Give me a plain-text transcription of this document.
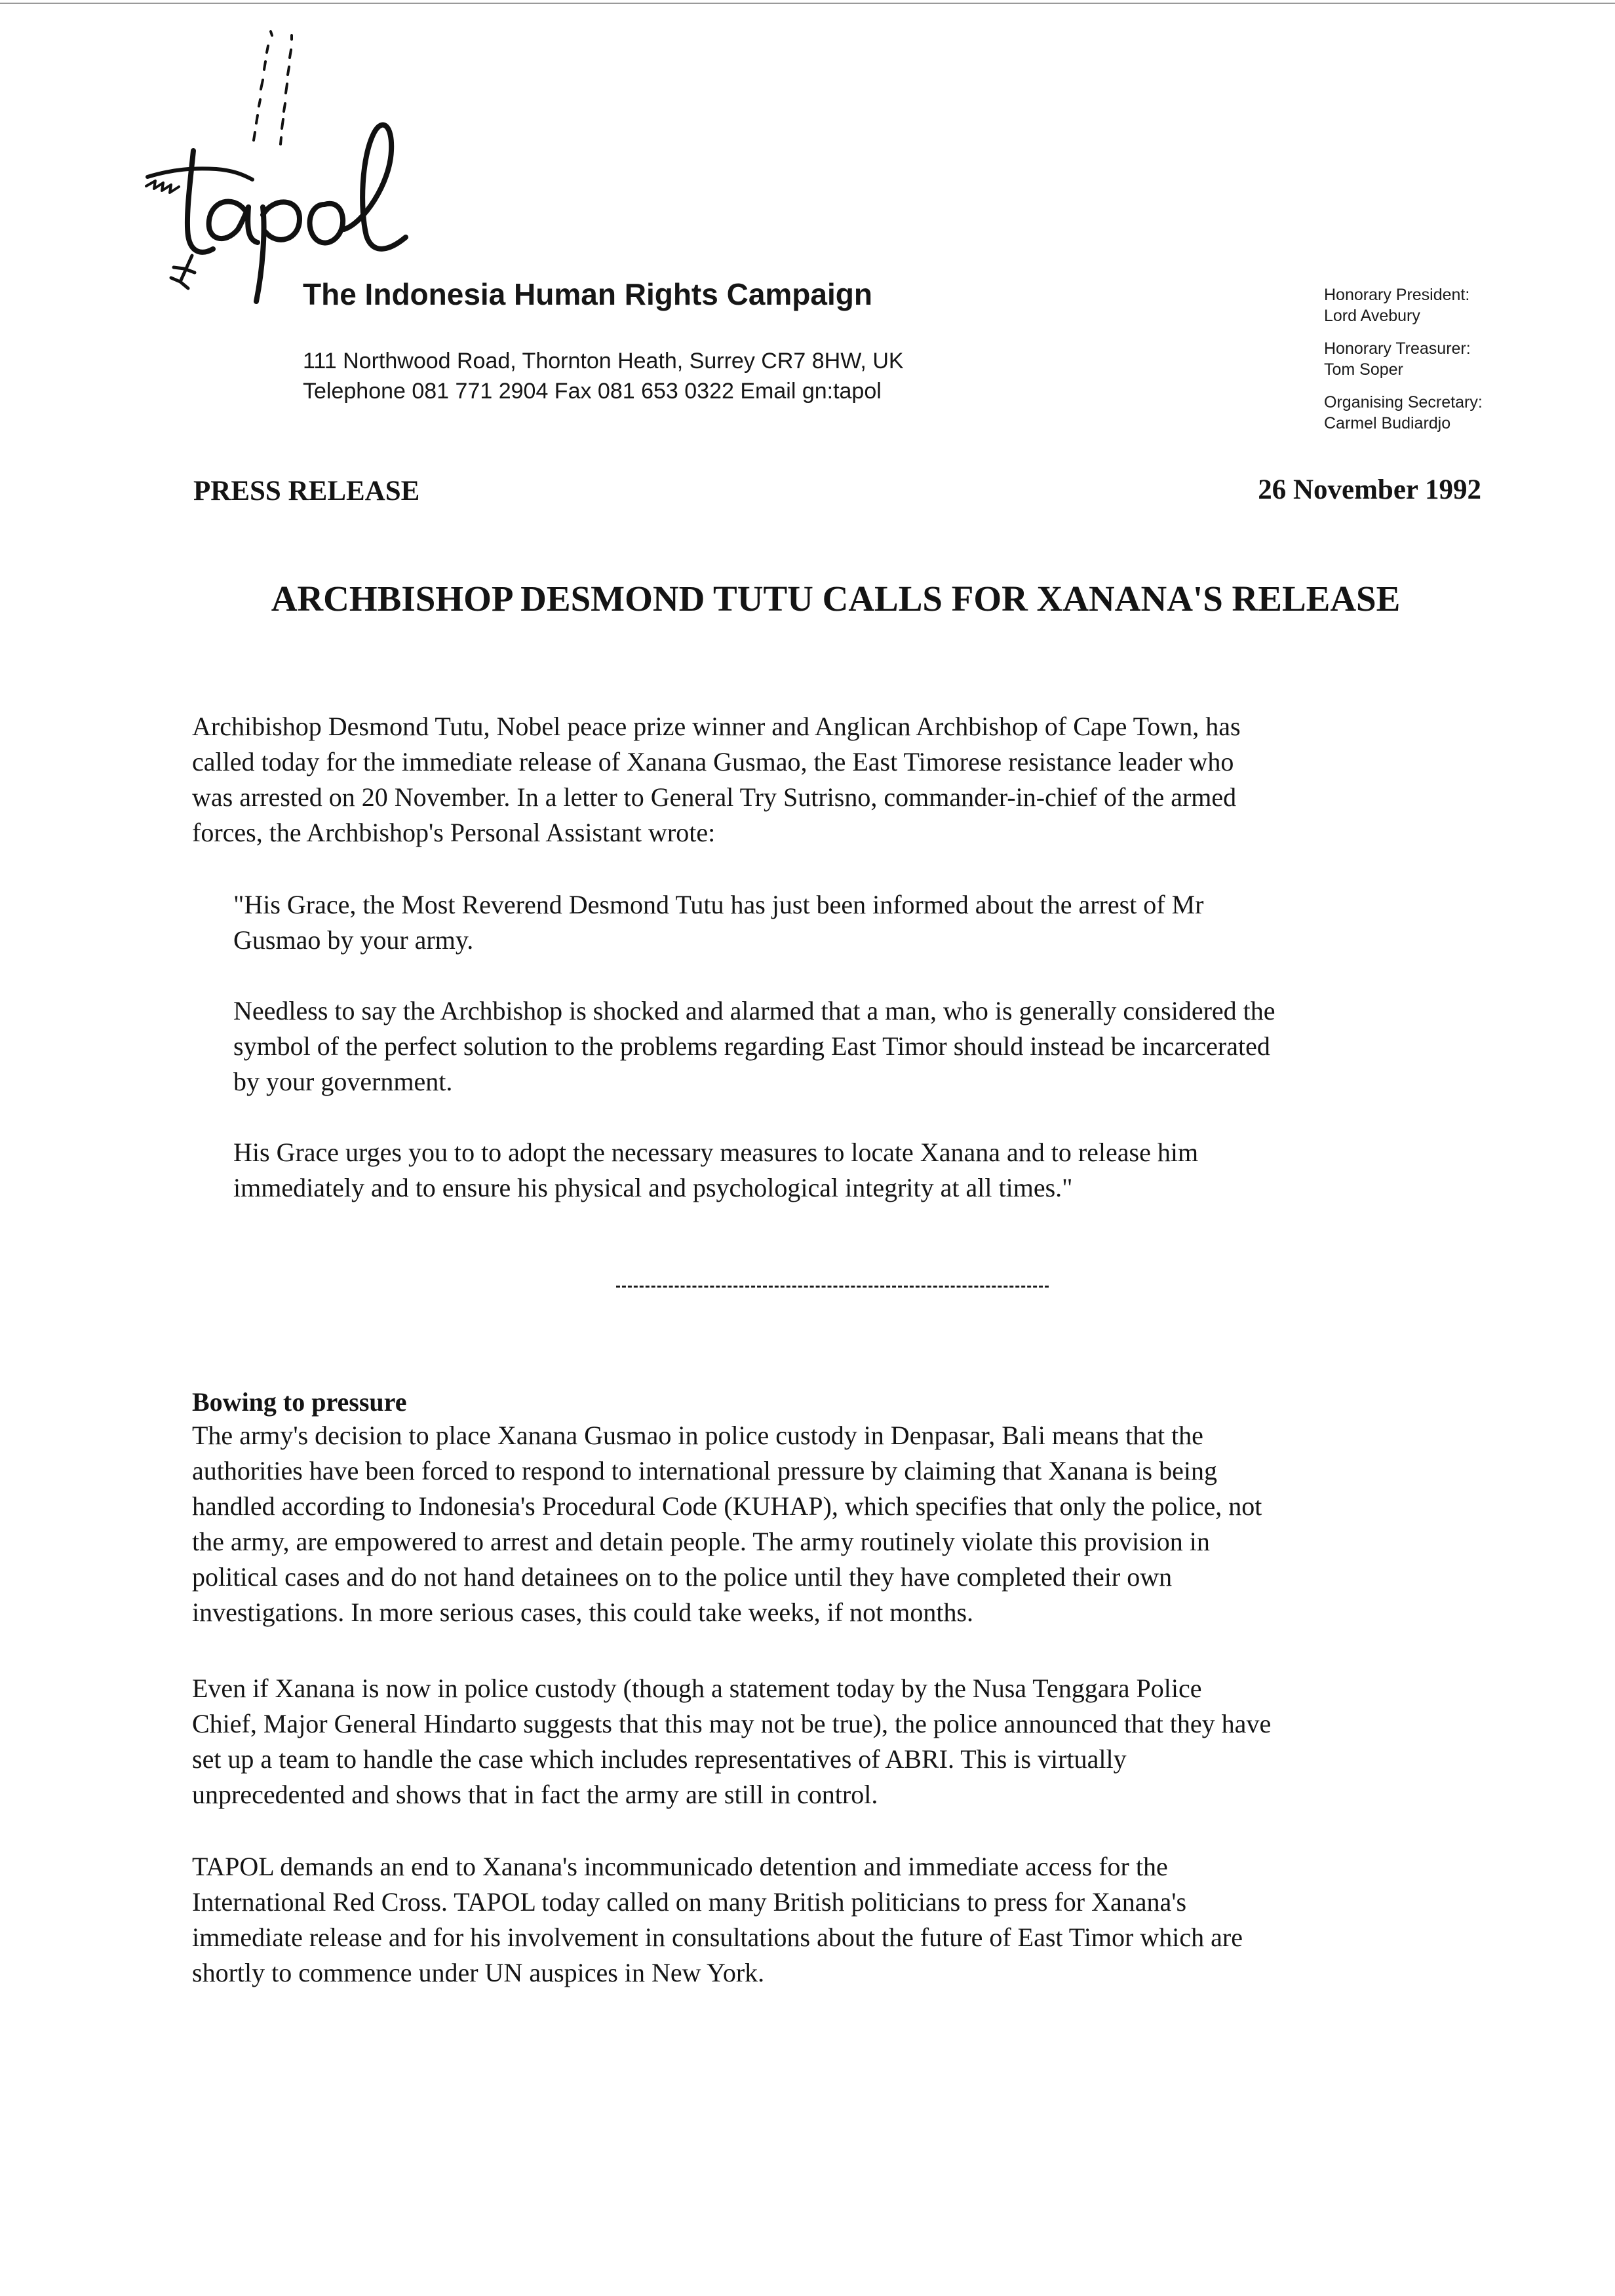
The Indonesia Human Rights Campaign
111 Northwood Road, Thornton Heath, Surrey CR7 8HW, UK
Telephone 081 771 2904 Fax 081 653 0322 Email gn:tapol
Honorary President:
Lord Avebury
Honorary Treasurer:
Tom Soper
Organising Secretary:
Carmel Budiardjo
PRESS RELEASE	26 November 1992
ARCHBISHOP DESMOND TUTU CALLS FOR XANANA'S RELEASE

Archibishop Desmond Tutu, Nobel peace prize winner and Anglican Archbishop of Cape Town, has
called today for the immediate release of Xanana Gusmao, the East Timorese resistance leader who
was arrested on 20 November. In a letter to General Try Sutrisno, commander-in-chief of the armed
forces, the Archbishop's Personal Assistant wrote:

"His Grace, the Most Reverend Desmond Tutu has just been informed about the arrest of Mr
Gusmao by your army.

Needless to say the Archbishop is shocked and alarmed that a man, who is generally considered the
symbol of the perfect solution to the problems regarding East Timor should instead be incarcerated
by your government.

His Grace urges you to to adopt the necessary measures to locate Xanana and to release him
immediately and to ensure his physical and psychological integrity at all times."

Bowing to pressure

The army's decision to place Xanana Gusmao in police custody in Denpasar, Bali means that the
authorities have been forced to respond to international pressure by claiming that Xanana is being
handled according to Indonesia's Procedural Code (KUHAP), which specifies that only the police, not
the army, are empowered to arrest and detain people. The army routinely violate this provision in
political cases and do not hand detainees on to the police until they have completed their own
investigations. In more serious cases, this could take weeks, if not months.

Even if Xanana is now in police custody (though a statement today by the Nusa Tenggara Police
Chief, Major General Hindarto suggests that this may not be true), the police announced that they have
set up a team to handle the case which includes representatives of ABRI. This is virtually
unprecedented and shows that in fact the army are still in control.

TAPOL demands an end to Xanana's incommunicado detention and immediate access for the
International Red Cross. TAPOL today called on many British politicians to press for Xanana's
immediate release and for his involvement in consultations about the future of East Timor which are
shortly to commence under UN auspices in New York.
